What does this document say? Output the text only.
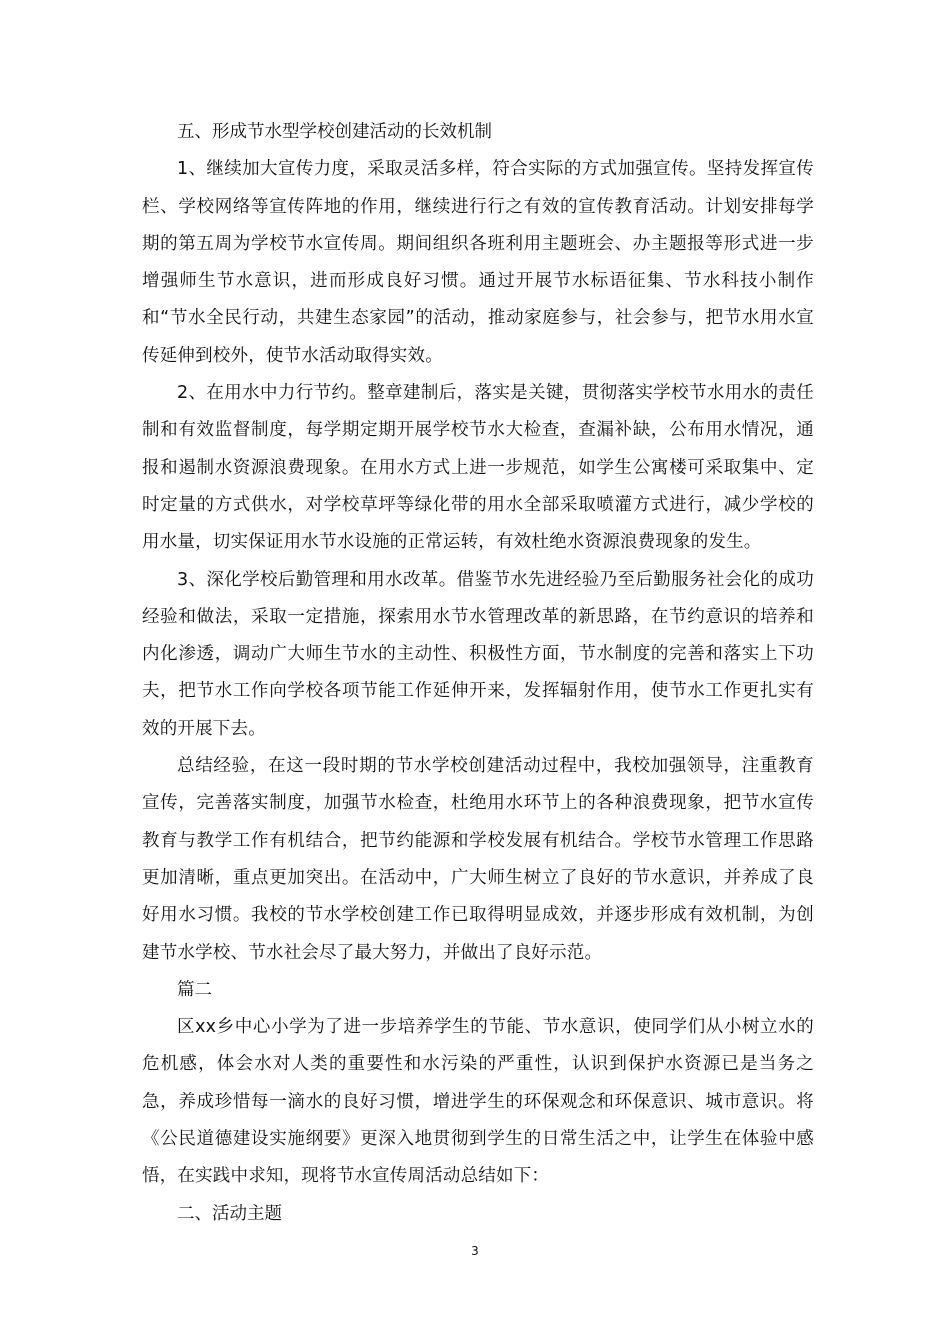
五、形成节水型学校创建活动的长效机制

1、继续加大宣传力度，采取灵活多样，符合实际的方式加强宣传。坚持发挥宣传栏、学校网络等宣传阵地的作用，继续进行行之有效的宣传教育活动。计划安排每学期的第五周为学校节水宣传周。期间组织各班利用主题班会、办主题报等形式进一步增强师生节水意识，进而形成良好习惯。通过开展节水标语征集、节水科技小制作和“节水全民行动，共建生态家园”的活动，推动家庭参与，社会参与，把节水用水宣传延伸到校外，使节水活动取得实效。

2、在用水中力行节约。整章建制后，落实是关键，贯彻落实学校节水用水的责任制和有效监督制度，每学期定期开展学校节水大检查，查漏补缺，公布用水情况，通报和遏制水资源浪费现象。在用水方式上进一步规范，如学生公寓楼可采取集中、定时定量的方式供水，对学校草坪等绿化带的用水全部采取喷灌方式进行，减少学校的用水量，切实保证用水节水设施的正常运转，有效杜绝水资源浪费现象的发生。

3、深化学校后勤管理和用水改革。借鉴节水先进经验乃至后勤服务社会化的成功经验和做法，采取一定措施，探索用水节水管理改革的新思路，在节约意识的培养和内化渗透，调动广大师生节水的主动性、积极性方面，节水制度的完善和落实上下功夫，把节水工作向学校各项节能工作延伸开来，发挥辐射作用，使节水工作更扎实有效的开展下去。

总结经验，在这一段时期的节水学校创建活动过程中，我校加强领导，注重教育宣传，完善落实制度，加强节水检查，杜绝用水环节上的各种浪费现象，把节水宣传教育与教学工作有机结合，把节约能源和学校发展有机结合。学校节水管理工作思路更加清晰，重点更加突出。在活动中，广大师生树立了良好的节水意识，并养成了良好用水习惯。我校的节水学校创建工作已取得明显成效，并逐步形成有效机制，为创建节水学校、节水社会尽了最大努力，并做出了良好示范。

篇二

区xx乡中心小学为了进一步培养学生的节能、节水意识，使同学们从小树立水的危机感，体会水对人类的重要性和水污染的严重性，认识到保护水资源已是当务之急，养成珍惜每一滴水的良好习惯，增进学生的环保观念和环保意识、城市意识。将《公民道德建设实施纲要》更深入地贯彻到学生的日常生活之中，让学生在体验中感悟，在实践中求知，现将节水宣传周活动总结如下：

二、活动主题

3
